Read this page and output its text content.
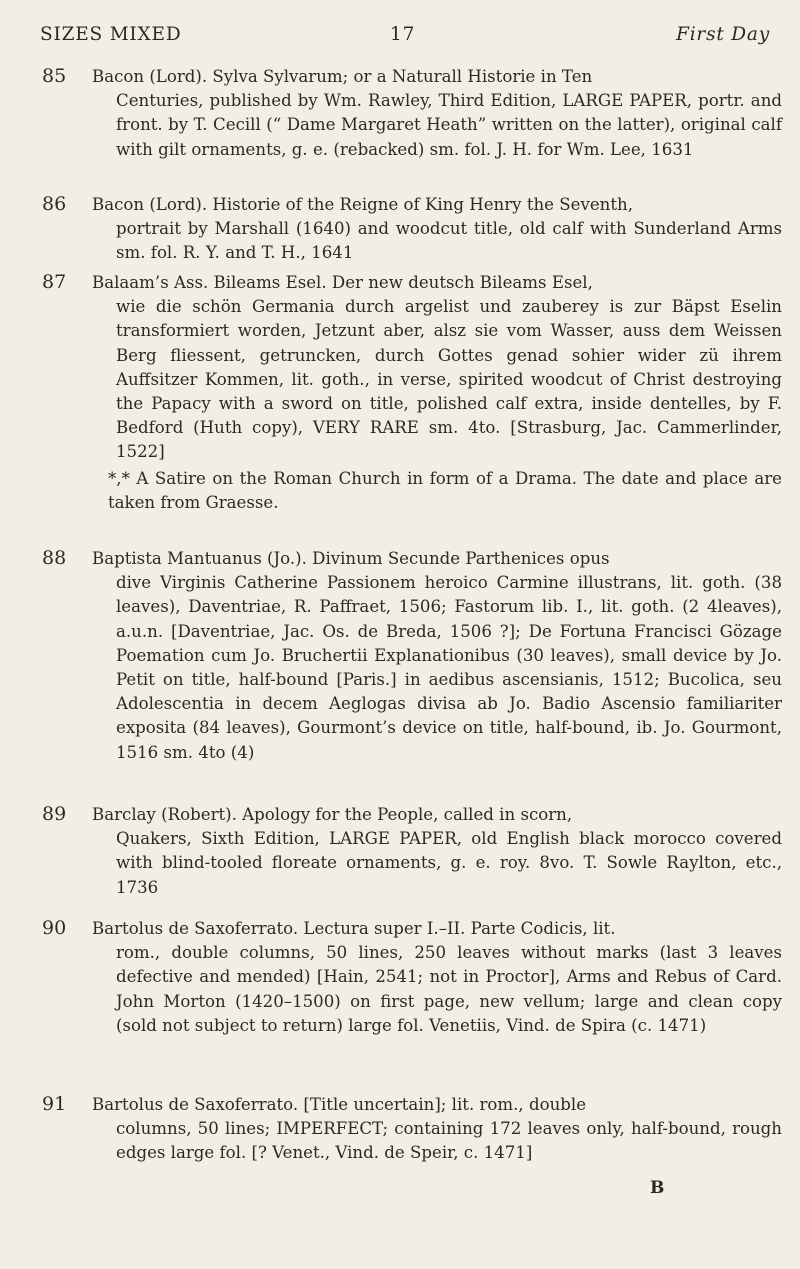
SIZES MIXED	17	First Day
85 Bacon (Lord). Sylva Sylvarum; or a Naturall Historie in Ten
Centuries, published by Wm. Rawley, Third Edition, LARGE PAPER, portr. and front. by T. Cecill (“ Dame Margaret Heath” written on the latter), original calf with gilt ornaments, g. e. (rebacked) sm. fol. J. H. for Wm. Lee, 1631
86 Bacon (Lord). Historie of the Reigne of King Henry the Seventh,
portrait by Marshall (1640) and woodcut title, old calf with Sunderland Arms sm. fol. R. Y. and T. H., 1641
87 Balaam’s Ass. Bileams Esel. Der new deutsch Bileams Esel,
wie die schön Germania durch argelist und zauberey is zur Bäpst Eselin transformiert worden, Jetzunt aber, alsz sie vom Wasser, auss dem Weissen Berg fliessent, getruncken, durch Gottes genad sohier wider zü ihrem Auffsitzer Kommen, lit. goth., in verse, spirited woodcut of Christ destroying the Papacy with a sword on title, polished calf extra, inside dentelles, by F. Bedford (Huth copy), VERY RARE sm. 4to. [Strasburg, Jac. Cammerlinder, 1522]
*,* A Satire on the Roman Church in form of a Drama. The date and place are taken from Graesse.
88 Baptista Mantuanus (Jo.). Divinum Secunde Parthenices opus
dive Virginis Catherine Passionem heroico Carmine illustrans, lit. goth. (38 leaves), Daventriae, R. Paffraet, 1506; Fastorum lib. I., lit. goth. (2 4leaves), a.u.n. [Daventriae, Jac. Os. de Breda, 1506 ?]; De Fortuna Francisci Gözage Poemation cum Jo. Bruchertii Explanationibus (30 leaves), small device by Jo. Petit on title, half-bound [Paris.] in aedibus ascensianis, 1512; Bucolica, seu Adolescentia in decem Aeglogas divisa ab Jo. Badio Ascensio familiariter exposita (84 leaves), Gourmont’s device on title, half-bound, ib. Jo. Gourmont, 1516 sm. 4to (4)
89 Barclay (Robert). Apology for the People, called in scorn,
Quakers, Sixth Edition, LARGE PAPER, old English black morocco covered with blind-tooled floreate ornaments, g. e. roy. 8vo. T. Sowle Raylton, etc., 1736
90 Bartolus de Saxoferrato. Lectura super I.–II. Parte Codicis, lit.
rom., double columns, 50 lines, 250 leaves without marks (last 3 leaves defective and mended) [Hain, 2541; not in Proctor], Arms and Rebus of Card. John Morton (1420–1500) on first page, new vellum; large and clean copy (sold not subject to return) large fol. Venetiis, Vind. de Spira (c. 1471)
91 Bartolus de Saxoferrato. [Title uncertain]; lit. rom., double
columns, 50 lines; IMPERFECT; containing 172 leaves only, half-bound, rough edges large fol. [? Venet., Vind. de Speir, c. 1471]
B
